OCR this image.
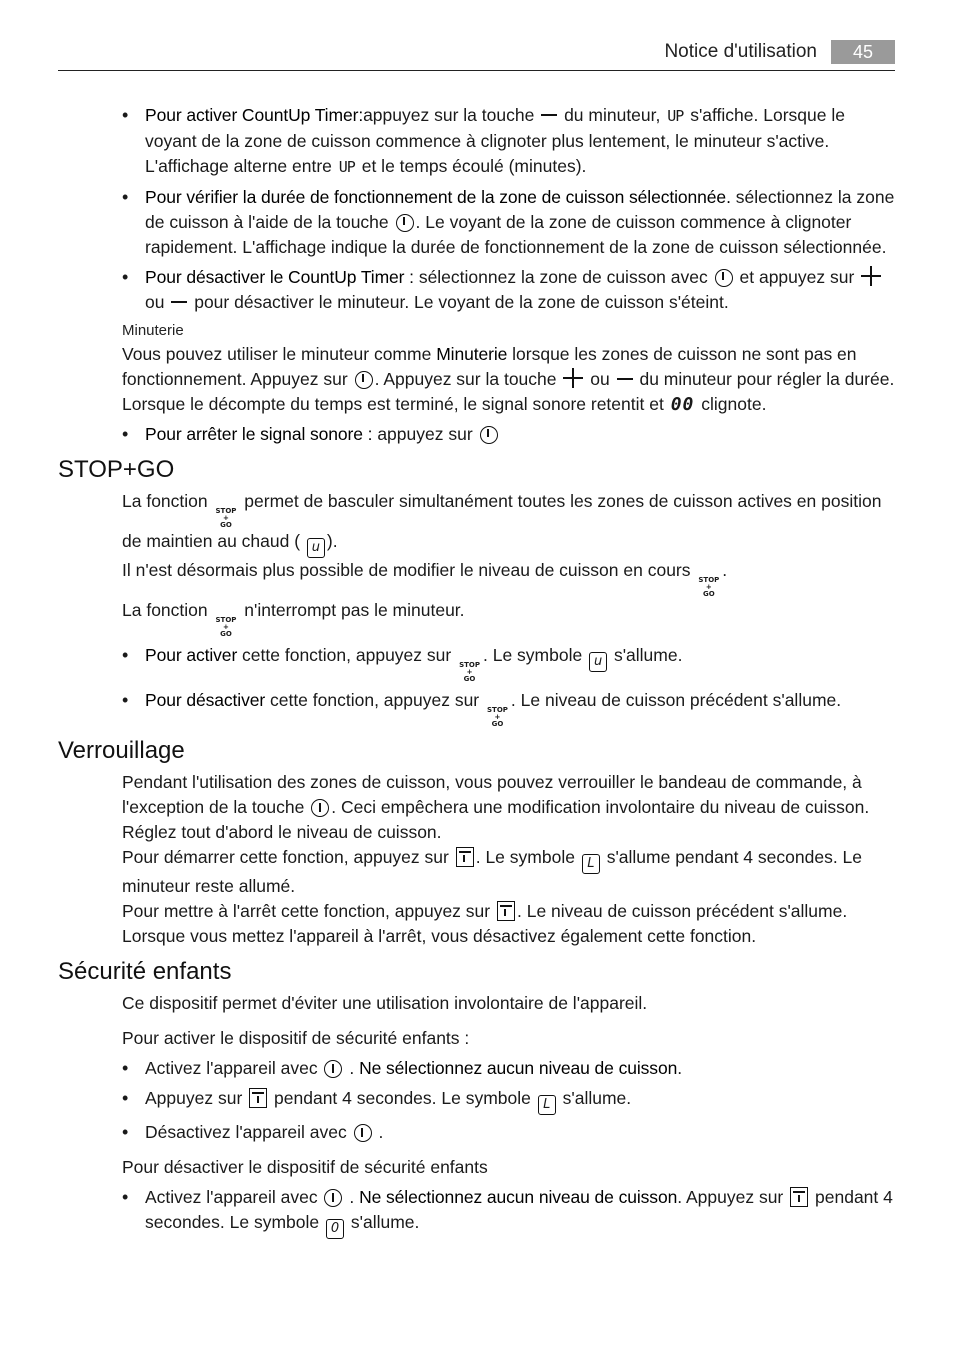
Notice d'utilisation	45
• Pour activer CountUp Timer:appuyez sur la touche du minuteur, UP s'affiche. Lorsque le voyant de la zone de cuisson commence à clignoter plus lentement, le minuteur s'active. L'affichage alterne entre UP et le temps écoulé (minutes).
• Pour vérifier la durée de fonctionnement de la zone de cuisson sélectionnée. sélectionnez la zone de cuisson à l'aide de la touche . Le voyant de la zone de cuisson commence à clignoter rapidement. L'affichage indique la durée de fonctionnement de la zone de cuisson sélectionnée.
• Pour désactiver le CountUp Timer : sélectionnez la zone de cuisson avec et appuyez sur  ou pour désactiver le minuteur. Le voyant de la zone de cuisson s'éteint.

Minuterie

Vous pouvez utiliser le minuteur comme Minuterie lorsque les zones de cuisson ne sont pas en fonctionnement. Appuyez sur . Appuyez sur la touche ou du minuteur pour régler la durée. Lorsque le décompte du temps est terminé, le signal sonore retentit et 00 clignote.

• Pour arrêter le signal sonore : appuyez sur
STOP+GO

La fonction STOP
+
GO
permet de basculer simultanément toutes les zones de cuisson actives en position de maintien au chaud ( u ).
Il n'est désormais plus possible de modifier le niveau de cuisson en cours STOP
+
GO
.
La fonction STOP
+
GO
n'interrompt pas le minuteur.

• Pour activer cette fonction, appuyez sur STOP
+
GO
. Le symbole u s'allume.
• Pour désactiver cette fonction, appuyez sur STOP
+
GO
. Le niveau de cuisson précédent s'allume.
Verrouillage

Pendant l'utilisation des zones de cuisson, vous pouvez verrouiller le bandeau de commande, à l'exception de la touche . Ceci empêchera une modification involontaire du niveau de cuisson.
Réglez tout d'abord le niveau de cuisson.
Pour démarrer cette fonction, appuyez sur . Le symbole L s'allume pendant 4 secondes. Le minuteur reste allumé.
Pour mettre à l'arrêt cette fonction, appuyez sur . Le niveau de cuisson précédent s'allume.
Lorsque vous mettez l'appareil à l'arrêt, vous désactivez également cette fonction.

Sécurité enfants

Ce dispositif permet d'éviter une utilisation involontaire de l'appareil.

Pour activer le dispositif de sécurité enfants :

• Activez l'appareil avec . Ne sélectionnez aucun niveau de cuisson.
• Appuyez sur pendant 4 secondes. Le symbole L s'allume.
• Désactivez l'appareil avec .

Pour désactiver le dispositif de sécurité enfants

• Activez l'appareil avec . Ne sélectionnez aucun niveau de cuisson. Appuyez sur pendant 4 secondes. Le symbole 0 s'allume.
